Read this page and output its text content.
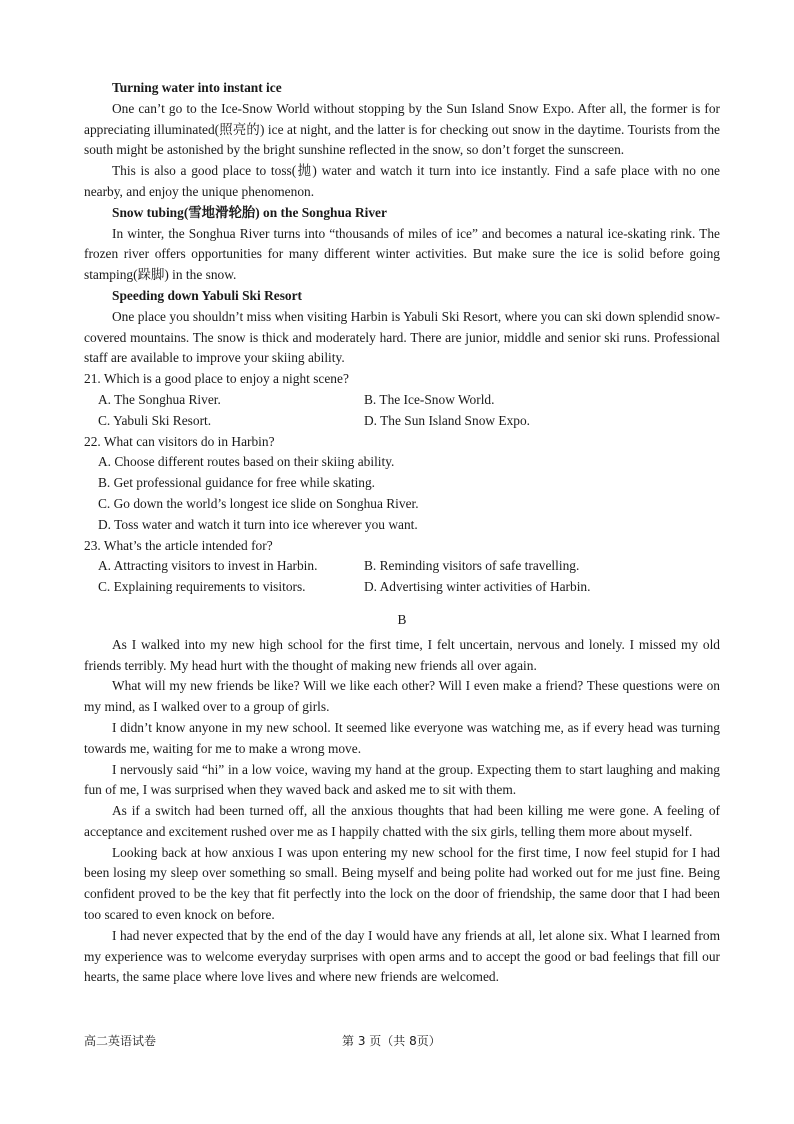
Turning water into instant ice

One can’t go to the Ice-Snow World without stopping by the Sun Island Snow Expo. After all, the former is for appreciating illuminated(照亮的) ice at night, and the latter is for checking out snow in the daytime. Tourists from the south might be astonished by the bright sunshine reflected in the snow, so don’t forget the sunscreen.

This is also a good place to toss(抛) water and watch it turn into ice instantly. Find a safe place with no one nearby, and enjoy the unique phenomenon.

Snow tubing(雪地滑轮胎) on the Songhua River

In winter, the Songhua River turns into “thousands of miles of ice” and becomes a natural ice-skating rink. The frozen river offers opportunities for many different winter activities. But make sure the ice is solid before going stamping(跺脚) in the snow.

Speeding down Yabuli Ski Resort

One place you shouldn’t miss when visiting Harbin is Yabuli Ski Resort, where you can ski down splendid snow-covered mountains. The snow is thick and moderately hard. There are junior, middle and senior ski runs. Professional staff are available to improve your skiing ability.

21. Which is a good place to enjoy a night scene?

A. The Songhua River.	B. The Ice-Snow World.
C. Yabuli Ski Resort.	D. The Sun Island Snow Expo.

22. What can visitors do in Harbin?

A. Choose different routes based on their skiing ability.
B. Get professional guidance for free while skating.
C. Go down the world’s longest ice slide on Songhua River.
D. Toss water and watch it turn into ice wherever you want.

23. What’s the article intended for?

A. Attracting visitors to invest in Harbin.	B. Reminding visitors of safe travelling.
C. Explaining requirements to visitors.	D. Advertising winter activities of Harbin.
B

As I walked into my new high school for the first time, I felt uncertain, nervous and lonely. I missed my old friends terribly. My head hurt with the thought of making new friends all over again.

What will my new friends be like? Will we like each other? Will I even make a friend? These questions were on my mind, as I walked over to a group of girls.

I didn’t know anyone in my new school. It seemed like everyone was watching me, as if every head was turning towards me, waiting for me to make a wrong move.

I nervously said “hi” in a low voice, waving my hand at the group. Expecting them to start laughing and making fun of me, I was surprised when they waved back and asked me to sit with them.

As if a switch had been turned off, all the anxious thoughts that had been killing me were gone. A feeling of acceptance and excitement rushed over me as I happily chatted with the six girls, telling them more about myself.

Looking back at how anxious I was upon entering my new school for the first time, I now feel stupid for I had been losing my sleep over something so small. Being myself and being polite had worked out for me just fine. Being confident proved to be the key that fit perfectly into the lock on the door of friendship, the same door that I had been too scared to even knock on before.

I had never expected that by the end of the day I would have any friends at all, let alone six. What I learned from my experience was to welcome everyday surprises with open arms and to accept the good or bad feelings that fill our hearts, the same place where love lives and where new friends are welcomed.

高二英语试卷	第 3 页（共 8页）
